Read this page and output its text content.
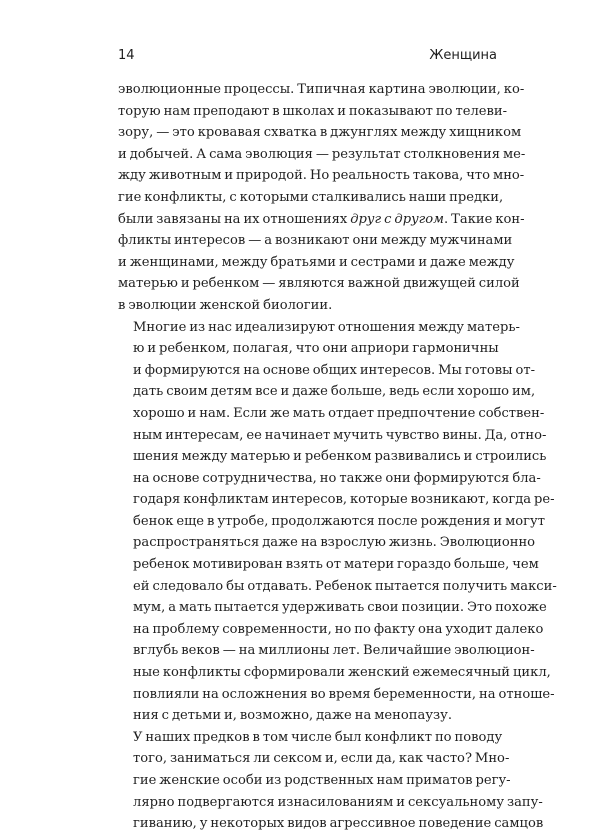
14	Женщина

эволюционные процессы. Типичная картина эволюции, ко-
торую нам преподают в школах и показывают по телеви-
зору, — это кровавая схватка в джунглях между хищником
и добычей. А сама эволюция — результат столкновения ме-
жду животным и природой. Но реальность такова, что мно-
гие конфликты, с которыми сталкивались наши предки,
были завязаны на их отношениях друг с другом. Такие кон-
фликты интересов — а возникают они между мужчинами
и женщинами, между братьями и сестрами и даже между
матерью и ребенком — являются важной движущей силой
в эволюции женской биологии.

Многие из нас идеализируют отношения между матерь-
ю и ребенком, полагая, что они априори гармоничны
и формируются на основе общих интересов. Мы готовы от-
дать своим детям все и даже больше, ведь если хорошо им,
хорошо и нам. Если же мать отдает предпочтение собствен-
ным интересам, ее начинает мучить чувство вины. Да, отно-
шения между матерью и ребенком развивались и строились
на основе сотрудничества, но также они формируются бла-
годаря конфликтам интересов, которые возникают, когда ре-
бенок еще в утробе, продолжаются после рождения и могут
распространяться даже на взрослую жизнь. Эволюционно
ребенок мотивирован взять от матери гораздо больше, чем
ей следовало бы отдавать. Ребенок пытается получить макси-
мум, а мать пытается удерживать свои позиции. Это похоже
на проблему современности, но по факту она уходит далеко
вглубь веков — на миллионы лет. Величайшие эволюцион-
ные конфликты сформировали женский ежемесячный цикл,
повлияли на осложнения во время беременности, на отноше-
ния с детьми и, возможно, даже на менопаузу.

У наших предков в том числе был конфликт по поводу
того, заниматься ли сексом и, если да, как часто? Мно-
гие женские особи из родственных нам приматов регу-
лярно подвергаются изнасилованиям и сексуальному запу-
гиванию, у некоторых видов агрессивное поведение самцов
